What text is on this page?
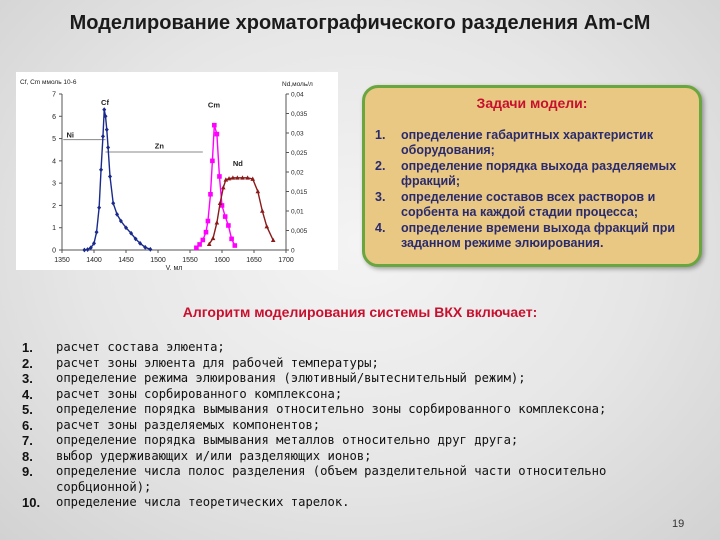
Моделирование хроматографического разделения Am-cM
1350 1400 1450 1500 1550 1600 1650 1700
0
1
2
3
4
5
6
7
0
0,005
0,01
0,015
0,02
0,025
0,03
0,035
0,04
Cf, Cm ммоль 10-6	Nd,моль/л
V, мл
Ni
Cf
Zn
Cm
Nd
Задачи модели:
1.	определение габаритных характеристик оборудования;
2.	определение порядка выхода разделяемых фракций;
3.	определение составов всех растворов и сорбента на каждой стадии процесса;
4.	определение времени выхода фракций при заданном режиме элюирования.
Алгоритм моделирования системы ВКХ включает:
1.	расчет состава элюента;
2.	расчет зоны элюента для рабочей температуры;
3.	определение режима элюирования (элютивный/вытеснительный режим);
4.	расчет зоны сорбированного комплексона;
5.	определение порядка вымывания относительно зоны сорбированного комплексона;
6.	расчет зоны разделяемых компонентов;
7.	определение порядка вымывания металлов относительно друг друга;
8.	выбор удерживающих и/или разделяющих ионов;
9.	определение числа полос разделения (объем разделительной части относительно сорбционной);
10.	определение числа теоретических тарелок.
19
